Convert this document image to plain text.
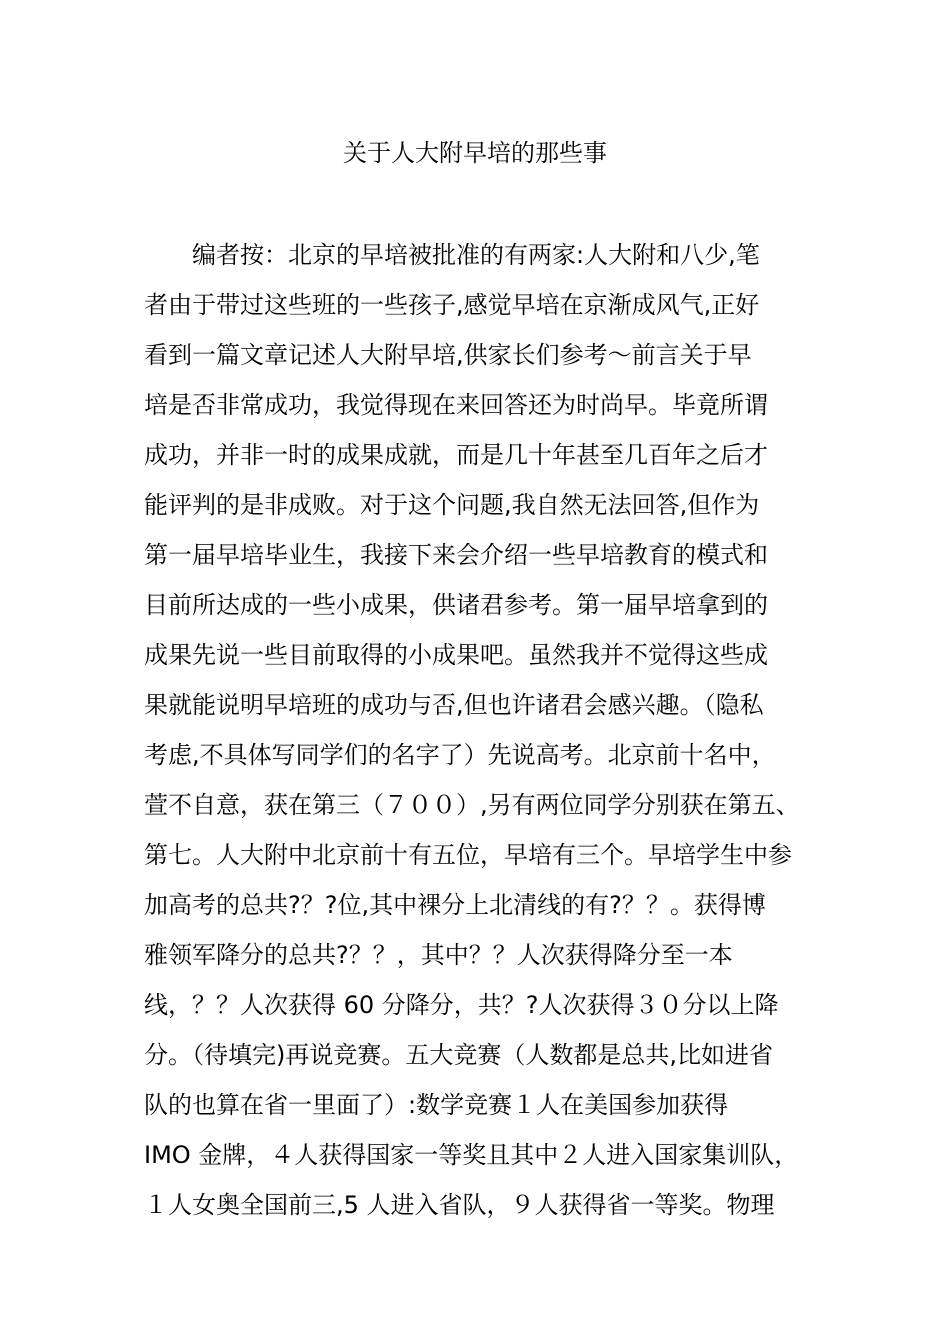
关于人大附早培的那些事
　　编者按：北京的早培被批准的有两家:人大附和八少,笔
者由于带过这些班的一些孩子,感觉早培在京渐成风气,正好
看到一篇文章记述人大附早培,供家长们参考～前言关于早
培是否非常成功，我觉得现在来回答还为时尚早。毕竟所谓
成功，并非一时的成果成就，而是几十年甚至几百年之后才
能评判的是非成败。对于这个问题,我自然无法回答,但作为
第一届早培毕业生，我接下来会介绍一些早培教育的模式和
目前所达成的一些小成果，供诸君参考。第一届早培拿到的
成果先说一些目前取得的小成果吧。虽然我并不觉得这些成
果就能说明早培班的成功与否,但也许诸君会感兴趣。（隐私
考虑,不具体写同学们的名字了）先说高考。北京前十名中，
萱不自意，获在第三（７００）,另有两位同学分别获在第五、
第七。人大附中北京前十有五位，早培有三个。早培学生中参
加高考的总共?？?位,其中裸分上北清线的有?？？。获得博
雅领军降分的总共?？？，其中？？人次获得降分至一本
线，？？人次获得 60 分降分，共？?人次获得３０分以上降
分。（待填完)再说竞赛。五大竞赛（人数都是总共,比如进省
队的也算在省一里面了）:数学竞赛１人在美国参加获得
IMO 金牌，４人获得国家一等奖且其中２人进入国家集训队，
１人女奥全国前三,5 人进入省队，９人获得省一等奖。物理
